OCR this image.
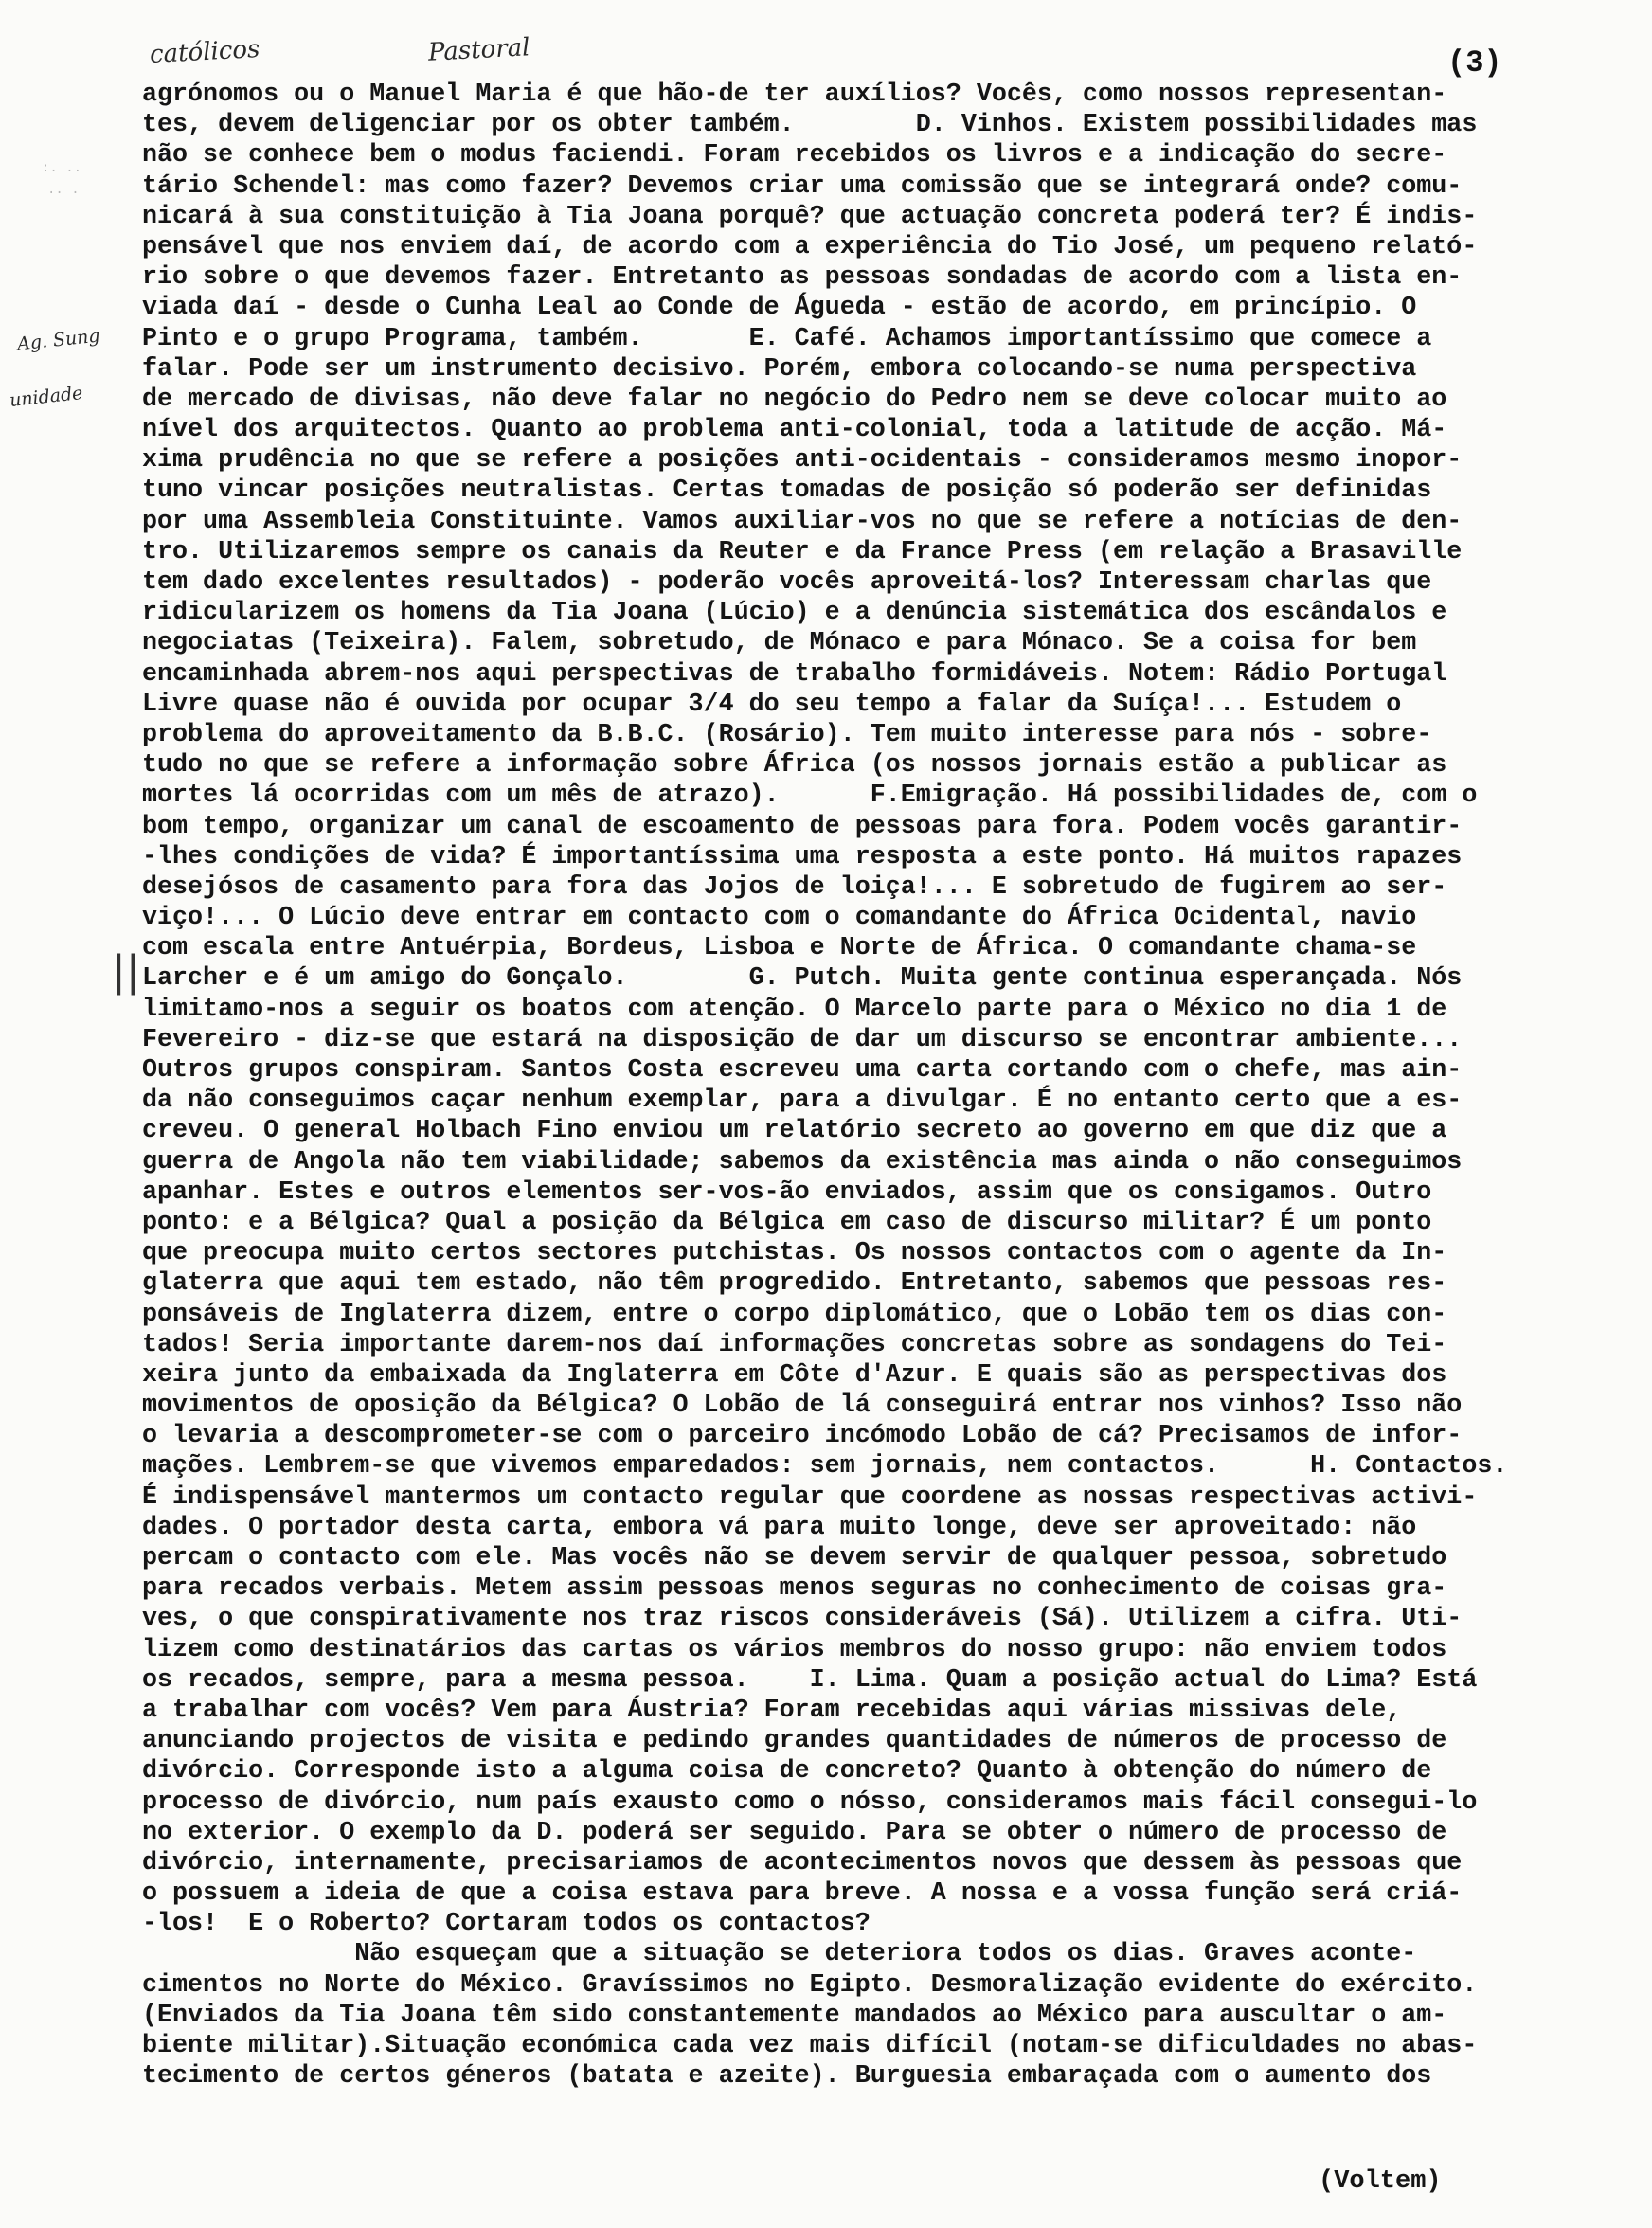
católicos	Pastoral	(3)
:. ..
·· ·
Ag. Sung
unidade
||
agrónomos ou o Manuel Maria é que hão-de ter auxílios? Vocês, como nossos representan-
tes, devem deligenciar por os obter também.        D. Vinhos. Existem possibilidades mas
não se conhece bem o modus faciendi. Foram recebidos os livros e a indicação do secre-
tário Schendel: mas como fazer? Devemos criar uma comissão que se integrará onde? comu-
nicará à sua constituição à Tia Joana porquê? que actuação concreta poderá ter? É indis-
pensável que nos enviem daí, de acordo com a experiência do Tio José, um pequeno relató-
rio sobre o que devemos fazer. Entretanto as pessoas sondadas de acordo com a lista en-
viada daí - desde o Cunha Leal ao Conde de Águeda - estão de acordo, em princípio. O
Pinto e o grupo Programa, também.       E. Café. Achamos importantíssimo que comece a
falar. Pode ser um instrumento decisivo. Porém, embora colocando-se numa perspectiva
de mercado de divisas, não deve falar no negócio do Pedro nem se deve colocar muito ao
nível dos arquitectos. Quanto ao problema anti-colonial, toda a latitude de acção. Má-
xima prudência no que se refere a posições anti-ocidentais - consideramos mesmo inopor-
tuno vincar posições neutralistas. Certas tomadas de posição só poderão ser definidas
por uma Assembleia Constituinte. Vamos auxiliar-vos no que se refere a notícias de den-
tro. Utilizaremos sempre os canais da Reuter e da France Press (em relação a Brasaville
tem dado excelentes resultados) - poderão vocês aproveitá-los? Interessam charlas que
ridicularizem os homens da Tia Joana (Lúcio) e a denúncia sistemática dos escândalos e
negociatas (Teixeira). Falem, sobretudo, de Mónaco e para Mónaco. Se a coisa for bem
encaminhada abrem-nos aqui perspectivas de trabalho formidáveis. Notem: Rádio Portugal
Livre quase não é ouvida por ocupar 3/4 do seu tempo a falar da Suíça!... Estudem o
problema do aproveitamento da B.B.C. (Rosário). Tem muito interesse para nós - sobre-
tudo no que se refere a informação sobre África (os nossos jornais estão a publicar as
mortes lá ocorridas com um mês de atrazo).      F.Emigração. Há possibilidades de, com o
bom tempo, organizar um canal de escoamento de pessoas para fora. Podem vocês garantir-
-lhes condições de vida? É importantíssima uma resposta a este ponto. Há muitos rapazes
desejósos de casamento para fora das Jojos de loiça!... E sobretudo de fugirem ao ser-
viço!... O Lúcio deve entrar em contacto com o comandante do África Ocidental, navio
com escala entre Antuérpia, Bordeus, Lisboa e Norte de África. O comandante chama-se
Larcher e é um amigo do Gonçalo.        G. Putch. Muita gente continua esperançada. Nós
limitamo-nos a seguir os boatos com atenção. O Marcelo parte para o México no dia 1 de
Fevereiro - diz-se que estará na disposição de dar um discurso se encontrar ambiente...
Outros grupos conspiram. Santos Costa escreveu uma carta cortando com o chefe, mas ain-
da não conseguimos caçar nenhum exemplar, para a divulgar. É no entanto certo que a es-
creveu. O general Holbach Fino enviou um relatório secreto ao governo em que diz que a
guerra de Angola não tem viabilidade; sabemos da existência mas ainda o não conseguimos
apanhar. Estes e outros elementos ser-vos-ão enviados, assim que os consigamos. Outro
ponto: e a Bélgica? Qual a posição da Bélgica em caso de discurso militar? É um ponto
que preocupa muito certos sectores putchistas. Os nossos contactos com o agente da In-
glaterra que aqui tem estado, não têm progredido. Entretanto, sabemos que pessoas res-
ponsáveis de Inglaterra dizem, entre o corpo diplomático, que o Lobão tem os dias con-
tados! Seria importante darem-nos daí informações concretas sobre as sondagens do Tei-
xeira junto da embaixada da Inglaterra em Côte d'Azur. E quais são as perspectivas dos
movimentos de oposição da Bélgica? O Lobão de lá conseguirá entrar nos vinhos? Isso não
o levaria a descomprometer-se com o parceiro incómodo Lobão de cá? Precisamos de infor-
mações. Lembrem-se que vivemos emparedados: sem jornais, nem contactos.      H. Contactos.
É indispensável mantermos um contacto regular que coordene as nossas respectivas activi-
dades. O portador desta carta, embora vá para muito longe, deve ser aproveitado: não
percam o contacto com ele. Mas vocês não se devem servir de qualquer pessoa, sobretudo
para recados verbais. Metem assim pessoas menos seguras no conhecimento de coisas gra-
ves, o que conspirativamente nos traz riscos consideráveis (Sá). Utilizem a cifra. Uti-
lizem como destinatários das cartas os vários membros do nosso grupo: não enviem todos
os recados, sempre, para a mesma pessoa.    I. Lima. Quam a posição actual do Lima? Está
a trabalhar com vocês? Vem para Áustria? Foram recebidas aqui várias missivas dele,
anunciando projectos de visita e pedindo grandes quantidades de números de processo de
divórcio. Corresponde isto a alguma coisa de concreto? Quanto à obtenção do número de
processo de divórcio, num país exausto como o nósso, consideramos mais fácil consegui-lo
no exterior. O exemplo da D. poderá ser seguido. Para se obter o número de processo de
divórcio, internamente, precisariamos de acontecimentos novos que dessem às pessoas que
o possuem a ideia de que a coisa estava para breve. A nossa e a vossa função será criá-
-los!  E o Roberto? Cortaram todos os contactos?
Não esqueçam que a situação se deteriora todos os dias. Graves aconte-
cimentos no Norte do México. Gravíssimos no Egipto. Desmoralização evidente do exército.
(Enviados da Tia Joana têm sido constantemente mandados ao México para auscultar o am-
biente militar).Situação económica cada vez mais difícil (notam-se dificuldades no abas-
tecimento de certos géneros (batata e azeite). Burguesia embaraçada com o aumento dos
(Voltem)
